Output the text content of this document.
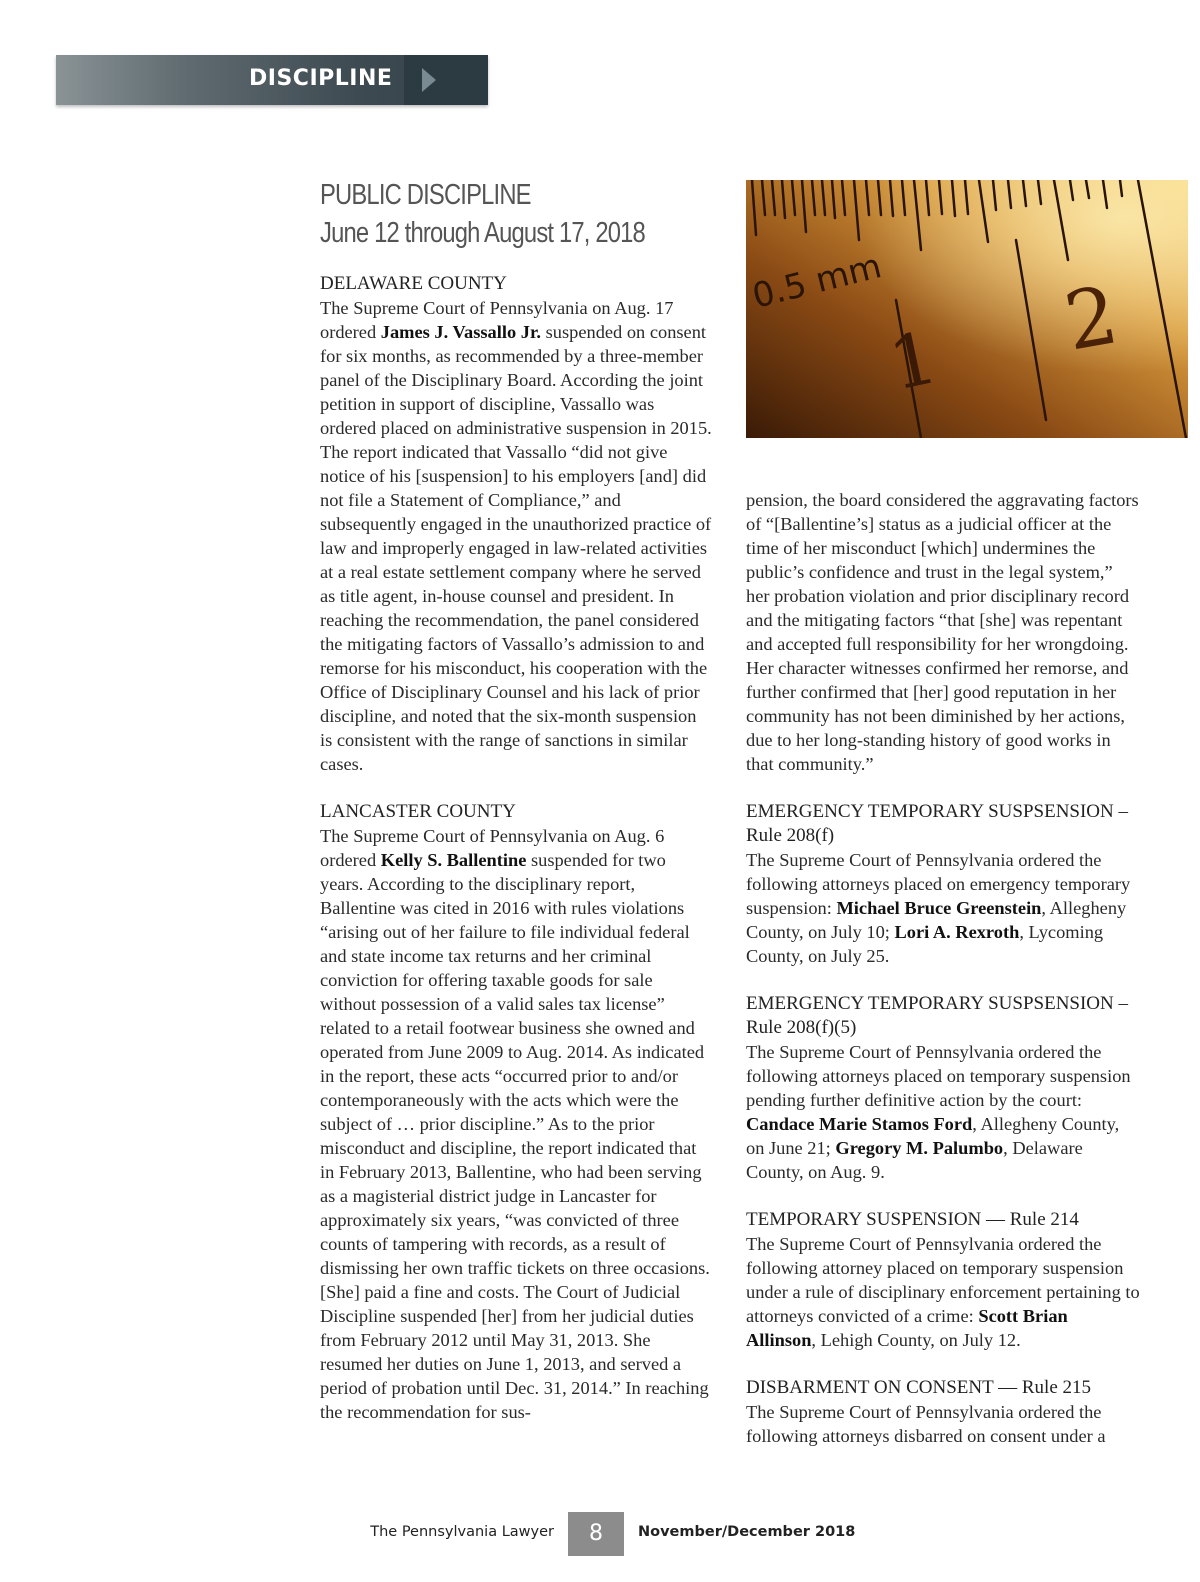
DISCIPLINE
PUBLIC DISCIPLINE
June 12 through August 17, 2018
0.5 mm
1 2
DELAWARE COUNTY

The Supreme Court of Pennsylvania on Aug. 17 ordered James J. Vassallo Jr. suspended on consent for six months, as recommended by a three-member panel of the Disciplinary Board. According the joint petition in support of discipline, Vassallo was ordered placed on administrative suspension in 2015. The report indicated that Vassallo “did not give notice of his [suspension] to his employers [and] did not file a Statement of Compliance,” and subsequently engaged in the unauthorized practice of law and improperly engaged in law-related activities at a real estate settlement company where he served as title agent, in-house counsel and president. In reaching the recommendation, the panel considered the mitigating factors of Vassallo’s admission to and remorse for his misconduct, his cooperation with the Office of Disciplinary Counsel and his lack of prior discipline, and noted that the six-month suspension is consistent with the range of sanctions in similar cases.

LANCASTER COUNTY

The Supreme Court of Pennsylvania on Aug. 6 ordered Kelly S. Ballentine suspended for two years. According to the disciplinary report, Ballentine was cited in 2016 with rules violations “arising out of her failure to file individual federal and state income tax returns and her criminal conviction for offering taxable goods for sale without possession of a valid sales tax license” related to a retail footwear business she owned and operated from June 2009 to Aug. 2014. As indicated in the report, these acts “occurred prior to and/or contemporaneously with the acts which were the subject of … prior discipline.” As to the prior misconduct and discipline, the report indicated that in February 2013, Ballentine, who had been serving as a magisterial district judge in Lancaster for approximately six years, “was convicted of three counts of tampering with records, as a result of dismissing her own traffic tickets on three occasions. [She] paid a fine and costs. The Court of Judicial Discipline suspended [her] from her judicial duties from February 2012 until May 31, 2013. She resumed her duties on June 1, 2013, and served a period of probation until Dec. 31, 2014.” In reaching the recommendation for sus-

pension, the board considered the aggravating factors of “[Ballentine’s] status as a judicial officer at the time of her misconduct [which] undermines the public’s confidence and trust in the legal system,” her probation violation and prior disciplinary record and the mitigating factors “that [she] was repentant and accepted full responsibility for her wrongdoing. Her character witnesses confirmed her remorse, and further confirmed that [her] good reputation in her community has not been diminished by her actions, due to her long-standing history of good works in that community.”

EMERGENCY TEMPORARY SUSPSENSION – Rule 208(f)

The Supreme Court of Pennsylvania ordered the following attorneys placed on emergency temporary suspension: Michael Bruce Greenstein, Allegheny County, on July 10; Lori A. Rexroth, Lycoming County, on July 25.

EMERGENCY TEMPORARY SUSPSENSION – Rule 208(f)(5)

The Supreme Court of Pennsylvania ordered the following attorneys placed on temporary suspension pending further definitive action by the court: Candace Marie Stamos Ford, Allegheny County, on June 21; Gregory M. Palumbo, Delaware County, on Aug. 9.

TEMPORARY SUSPENSION — Rule 214

The Supreme Court of Pennsylvania ordered the following attorney placed on temporary suspension under a rule of disciplinary enforcement pertaining to attorneys convicted of a crime: Scott Brian Allinson, Lehigh County, on July 12.

DISBARMENT ON CONSENT — Rule 215

The Supreme Court of Pennsylvania ordered the following attorneys disbarred on consent under a

The Pennsylvania Lawyer	8	November/December 2018
